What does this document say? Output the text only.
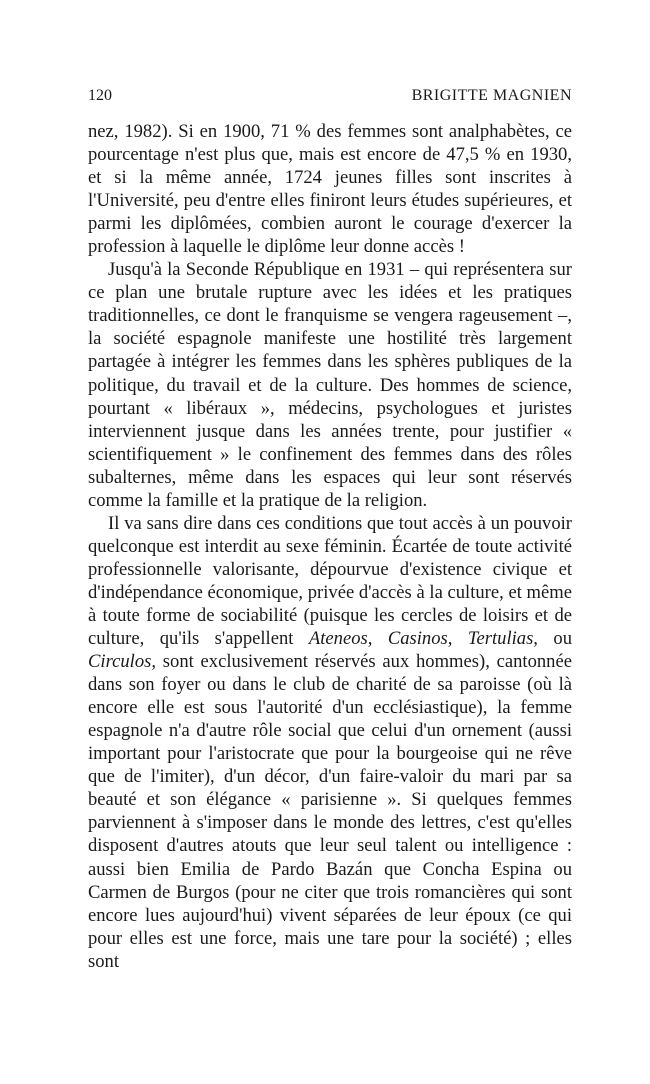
120	BRIGITTE MAGNIEN

nez, 1982). Si en 1900, 71 % des femmes sont analphabètes, ce pourcentage n'est plus que, mais est encore de 47,5 % en 1930, et si la même année, 1724 jeunes filles sont inscrites à l'Université, peu d'entre elles finiront leurs études supérieures, et parmi les diplômées, combien auront le courage d'exercer la profession à laquelle le diplôme leur donne accès !

Jusqu'à la Seconde République en 1931 – qui représentera sur ce plan une brutale rupture avec les idées et les pratiques traditionnelles, ce dont le franquisme se vengera rageusement –, la société espagnole manifeste une hostilité très largement partagée à intégrer les femmes dans les sphères publiques de la politique, du travail et de la culture. Des hommes de science, pourtant « libéraux », médecins, psychologues et juristes interviennent jusque dans les années trente, pour justifier « scientifiquement » le confinement des femmes dans des rôles subalternes, même dans les espaces qui leur sont réservés comme la famille et la pratique de la religion.

Il va sans dire dans ces conditions que tout accès à un pouvoir quelconque est interdit au sexe féminin. Écartée de toute activité professionnelle valorisante, dépourvue d'existence civique et d'indépendance économique, privée d'accès à la culture, et même à toute forme de sociabilité (puisque les cercles de loisirs et de culture, qu'ils s'appellent Ateneos, Casinos, Tertulias, ou Circulos, sont exclusivement réservés aux hommes), cantonnée dans son foyer ou dans le club de charité de sa paroisse (où là encore elle est sous l'autorité d'un ecclésiastique), la femme espagnole n'a d'autre rôle social que celui d'un ornement (aussi important pour l'aristocrate que pour la bourgeoise qui ne rêve que de l'imiter), d'un décor, d'un faire-valoir du mari par sa beauté et son élégance « parisienne ». Si quelques femmes parviennent à s'imposer dans le monde des lettres, c'est qu'elles disposent d'autres atouts que leur seul talent ou intelligence : aussi bien Emilia de Pardo Bazán que Concha Espina ou Carmen de Burgos (pour ne citer que trois romancières qui sont encore lues aujourd'hui) vivent séparées de leur époux (ce qui pour elles est une force, mais une tare pour la société) ; elles sont
